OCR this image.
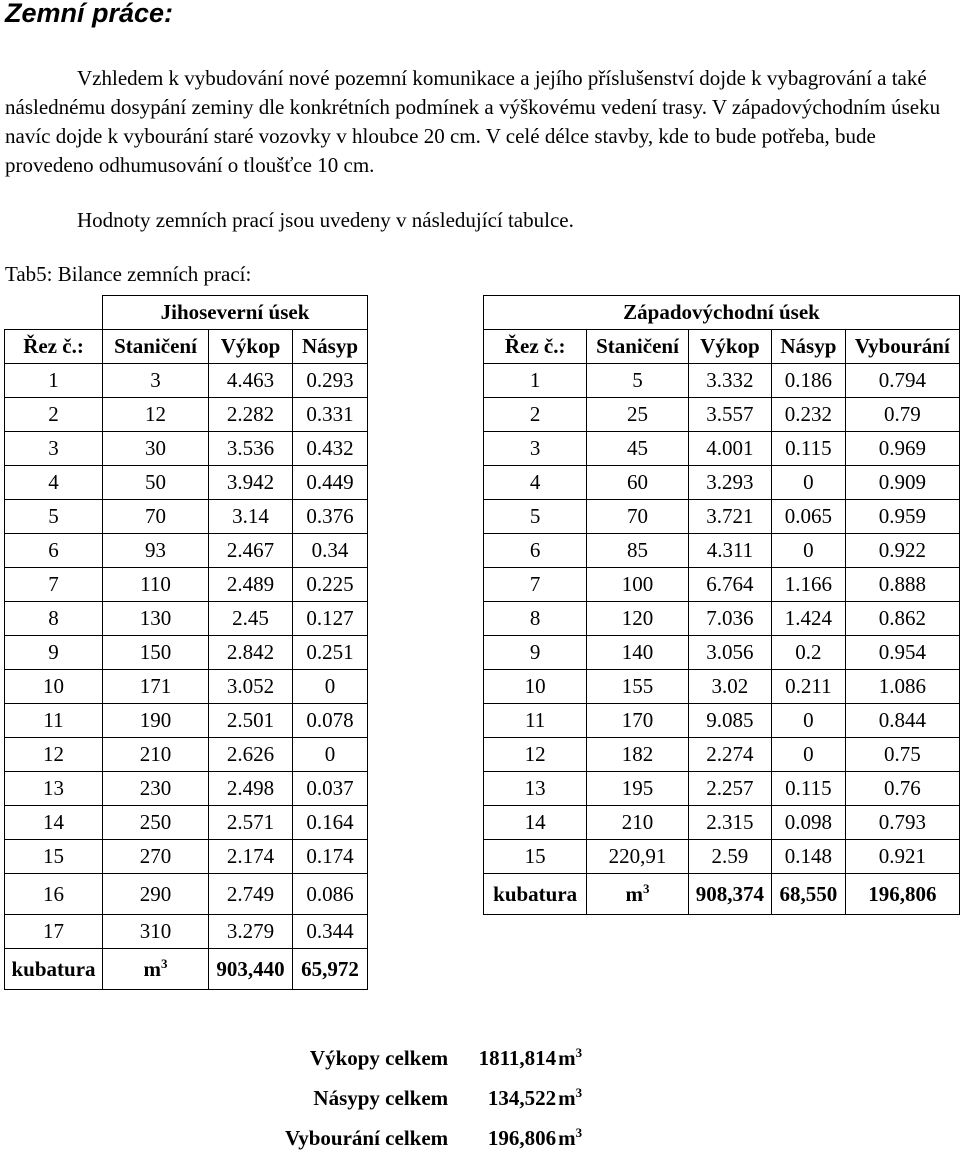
Zemní práce:

Vzhledem k vybudování nové pozemní komunikace a jejího příslušenství dojde k vybagrování a také následnému dosypání zeminy dle konkrétních podmínek a výškovému vedení trasy. V západovýchodním úseku navíc dojde k vybourání staré vozovky v hloubce 20 cm. V celé délce stavby, kde to bude potřeba, bude provedeno odhumusování o tloušťce 10 cm.

Hodnoty zemních prací jsou uvedeny v následující tabulce.

Tab5: Bilance zemních prací:
	Jihoseverní úsek		
Řez č.:	Staničení	Výkop	Násyp
1	3	4.463	0.293
2	12	2.282	0.331
3	30	3.536	0.432
4	50	3.942	0.449
5	70	3.14	0.376
6	93	2.467	0.34
7	110	2.489	0.225
8	130	2.45	0.127
9	150	2.842	0.251
10	171	3.052	0
11	190	2.501	0.078
12	210	2.626	0
13	230	2.498	0.037
14	250	2.571	0.164
15	270	2.174	0.174
16	290	2.749	0.086
17	310	3.279	0.344
kubatura	$m^3$	903,440	65,972
Západovýchodní úsek				
Řez č.:	Staničení	Výkop	Násyp	Vybourání
1	5	3.332	0.186	0.794
2	25	3.557	0.232	0.79
3	45	4.001	0.115	0.969
4	60	3.293	0	0.909
5	70	3.721	0.065	0.959
6	85	4.311	0	0.922
7	100	6.764	1.166	0.888
8	120	7.036	1.424	0.862
9	140	3.056	0.2	0.954
10	155	3.02	0.211	1.086
11	170	9.085	0	0.844
12	182	2.274	0	0.75
13	195	2.257	0.115	0.76
14	210	2.315	0.098	0.793
15	220,91	2.59	0.148	0.921
kubatura	$m^3$	908,374	68,550	196,806
Výkopy celkem	1811,814	$m^3$
Násypy celkem	134,522	$m^3$
Vybourání celkem	196,806	$m^3$
